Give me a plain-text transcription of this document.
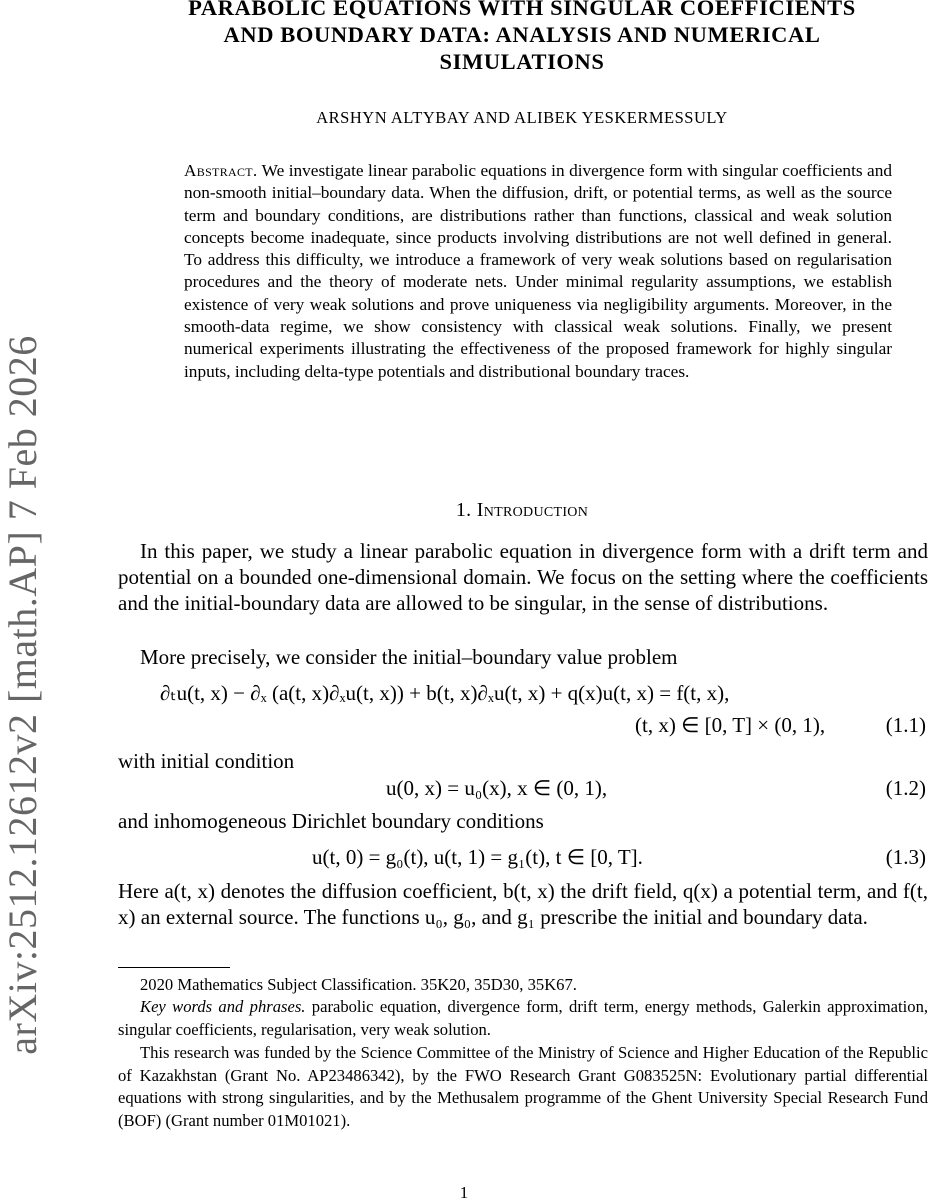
arXiv:2512.12612v2 [math.AP] 7 Feb 2026
PARABOLIC EQUATIONS WITH SINGULAR COEFFICIENTS
AND BOUNDARY DATA: ANALYSIS AND NUMERICAL
SIMULATIONS
ARSHYN ALTYBAY AND ALIBEK YESKERMESSULY
Abstract. We investigate linear parabolic equations in divergence form with singular coefficients and non-smooth initial–boundary data. When the diffusion, drift, or potential terms, as well as the source term and boundary conditions, are distributions rather than functions, classical and weak solution concepts become inadequate, since products involving distributions are not well defined in general. To address this difficulty, we introduce a framework of very weak solutions based on regularisation procedures and the theory of moderate nets. Under minimal regularity assumptions, we establish existence of very weak solutions and prove uniqueness via negligibility arguments. Moreover, in the smooth-data regime, we show consistency with classical weak solutions. Finally, we present numerical experiments illustrating the effectiveness of the proposed framework for highly singular inputs, including delta-type potentials and distributional boundary traces.
1. Introduction
In this paper, we study a linear parabolic equation in divergence form with a drift term and potential on a bounded one-dimensional domain. We focus on the setting where the coefficients and the initial-boundary data are allowed to be singular, in the sense of distributions.
More precisely, we consider the initial–boundary value problem
∂ₜu(t, x) − ∂ₓ (a(t, x)∂ₓu(t, x)) + b(t, x)∂ₓu(t, x) + q(x)u(t, x) = f(t, x),
(t, x) ∈ [0, T] × (0, 1),	(1.1)
with initial condition
u(0, x) = u₀(x), x ∈ (0, 1),	(1.2)
and inhomogeneous Dirichlet boundary conditions
u(t, 0) = g₀(t), u(t, 1) = g₁(t), t ∈ [0, T].	(1.3)
Here a(t, x) denotes the diffusion coefficient, b(t, x) the drift field, q(x) a potential term, and f(t, x) an external source. The functions u₀, g₀, and g₁ prescribe the initial and boundary data.
2020 Mathematics Subject Classification. 35K20, 35D30, 35K67.
Key words and phrases. parabolic equation, divergence form, drift term, energy methods, Galerkin approximation, singular coefficients, regularisation, very weak solution.
This research was funded by the Science Committee of the Ministry of Science and Higher Education of the Republic of Kazakhstan (Grant No. AP23486342), by the FWO Research Grant G083525N: Evolutionary partial differential equations with strong singularities, and by the Methusalem programme of the Ghent University Special Research Fund (BOF) (Grant number 01M01021).
1
